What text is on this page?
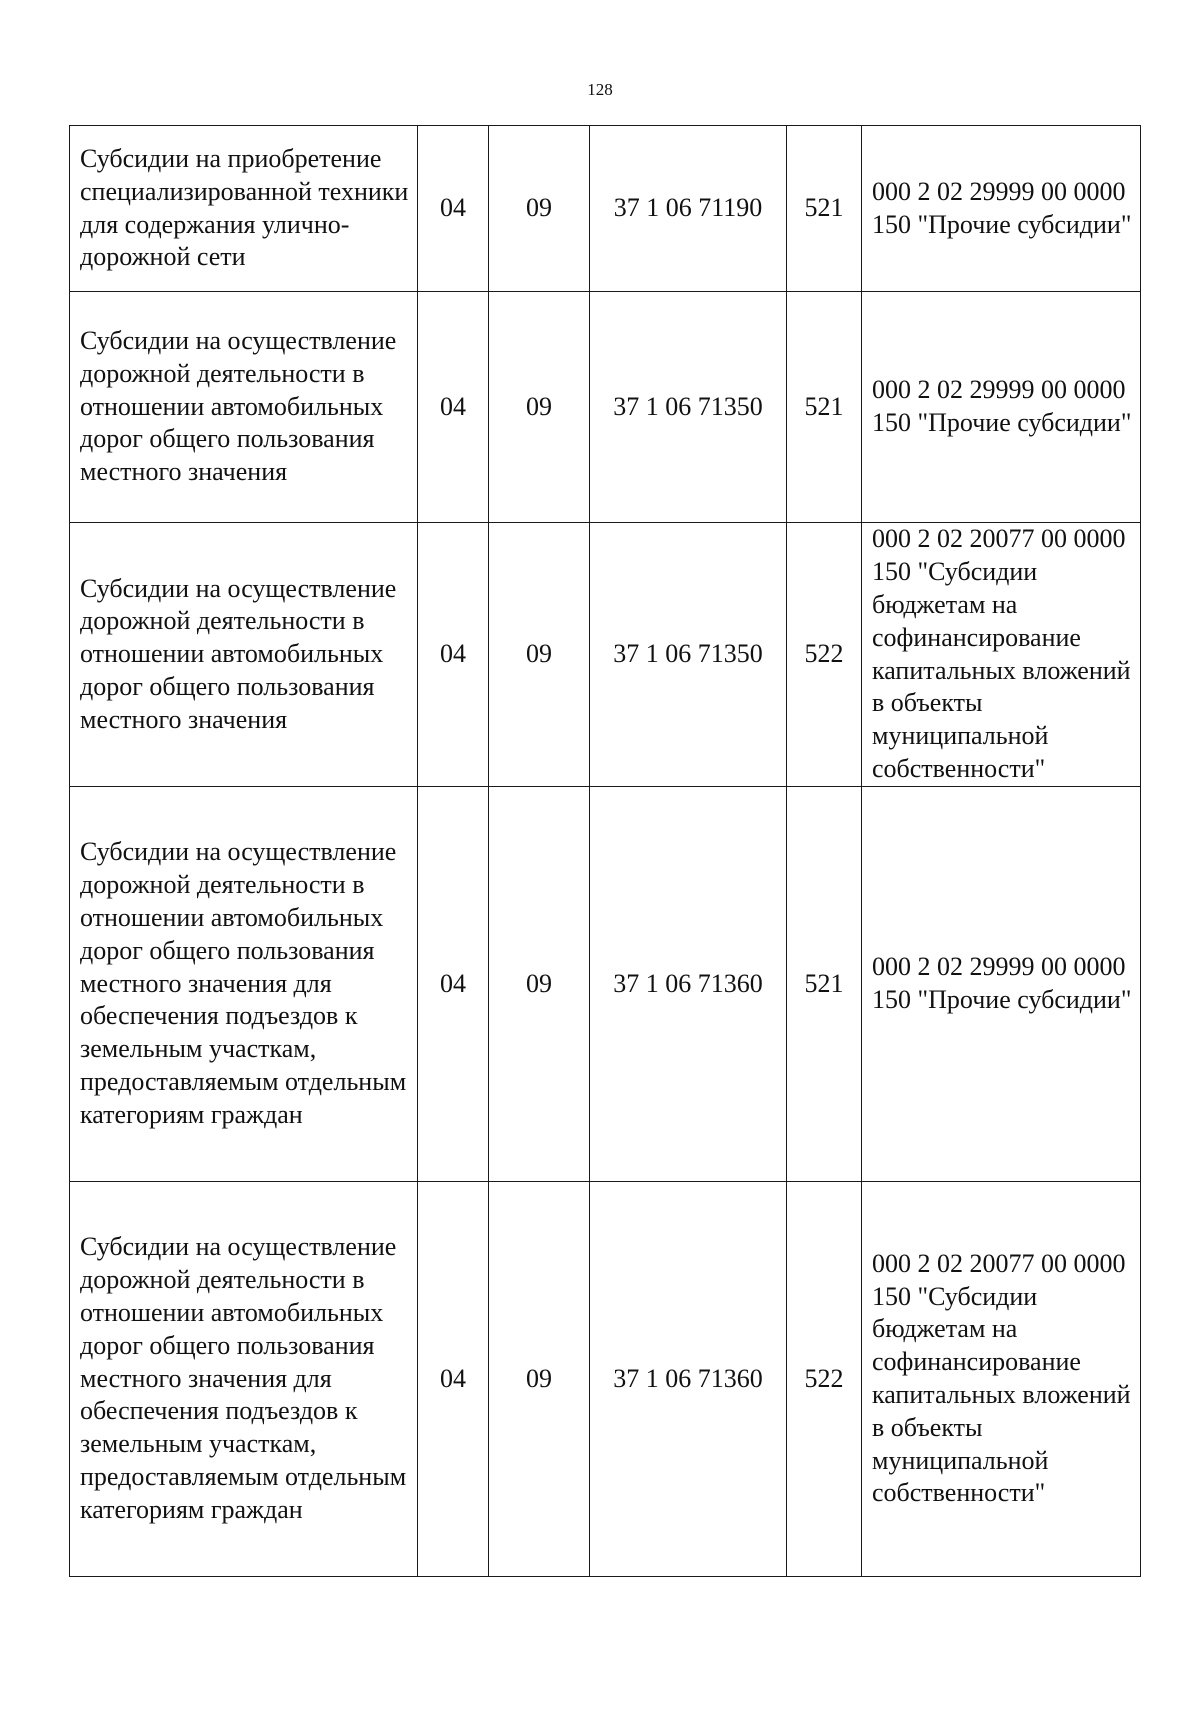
128
Субсидии на приобретение специализированной техники для содержания улично-дорожной сети	04	09	37 1 06 71190	521	000 2 02 29999 00 0000 150 "Прочие субсидии"
Субсидии на осуществление дорожной деятельности в отношении автомобильных дорог общего пользования местного значения	04	09	37 1 06 71350	521	000 2 02 29999 00 0000 150 "Прочие субсидии"
Субсидии на осуществление дорожной деятельности в отношении автомобильных дорог общего пользования местного значения	04	09	37 1 06 71350	522	000 2 02 20077 00 0000 150 "Субсидии бюджетам на софинансирование капитальных вложений в объекты муниципальной собственности"
Субсидии на осуществление дорожной деятельности в отношении автомобильных дорог общего пользования местного значения для обеспечения подъездов к земельным участкам, предоставляемым отдельным категориям граждан	04	09	37 1 06 71360	521	000 2 02 29999 00 0000 150 "Прочие субсидии"
Субсидии на осуществление дорожной деятельности в отношении автомобильных дорог общего пользования местного значения для обеспечения подъездов к земельным участкам, предоставляемым отдельным категориям граждан	04	09	37 1 06 71360	522	000 2 02 20077 00 0000 150 "Субсидии бюджетам на софинансирование капитальных вложений в объекты муниципальной собственности"
